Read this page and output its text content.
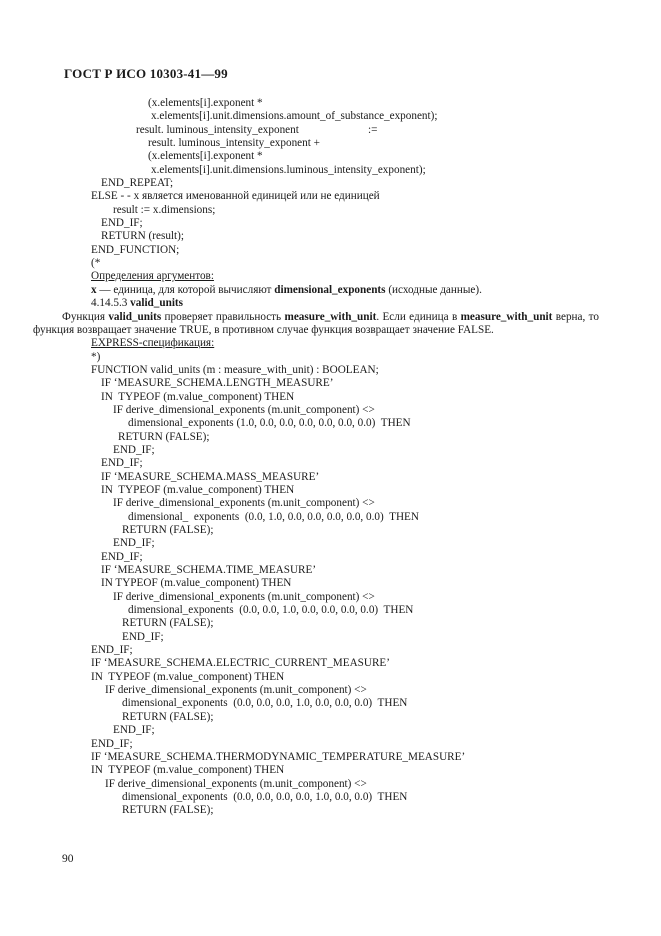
ГОСТ Р ИСО 10303-41—99
(x.elements[i].exponent *
x.elements[i].unit.dimensions.amount_of_substance_exponent);
result. luminous_intensity_exponent	:=
result. luminous_intensity_exponent +
(x.elements[i].exponent *
x.elements[i].unit.dimensions.luminous_intensity_exponent);
END_REPEAT;
ELSE - - x является именованной единицей или не единицей
result := x.dimensions;
END_IF;
RETURN (result);
END_FUNCTION;
(*
Определения аргументов:
x — единица, для которой вычисляют dimensional_exponents (исходные данные).
4.14.5.3 valid_units
Функция valid_units проверяет правильность measure_with_unit. Если единица в measure_with_unit верна, то функция возвращает значение TRUE, в противном случае функция возвращает значение FALSE.
EXPRESS-спецификация:
*)
FUNCTION valid_units (m : measure_with_unit) : BOOLEAN;
IF ‘MEASURE_SCHEMA.LENGTH_MEASURE’
IN  TYPEOF (m.value_component) THEN
IF derive_dimensional_exponents (m.unit_component) <>
dimensional_exponents (1.0, 0.0, 0.0, 0.0, 0.0, 0.0, 0.0)  THEN
RETURN (FALSE);
END_IF;
END_IF;
IF ‘MEASURE_SCHEMA.MASS_MEASURE’
IN  TYPEOF (m.value_component) THEN
IF derive_dimensional_exponents (m.unit_component) <>
dimensional_  exponents  (0.0, 1.0, 0.0, 0.0, 0.0, 0.0, 0.0)  THEN
RETURN (FALSE);
END_IF;
END_IF;
IF ‘MEASURE_SCHEMA.TIME_MEASURE’
IN TYPEOF (m.value_component) THEN
IF derive_dimensional_exponents (m.unit_component) <>
dimensional_exponents  (0.0, 0.0, 1.0, 0.0, 0.0, 0.0, 0.0)  THEN
RETURN (FALSE);
END_IF;
END_IF;
IF ‘MEASURE_SCHEMA.ELECTRIC_CURRENT_MEASURE’
IN  TYPEOF (m.value_component) THEN
IF derive_dimensional_exponents (m.unit_component) <>
dimensional_exponents  (0.0, 0.0, 0.0, 1.0, 0.0, 0.0, 0.0)  THEN
RETURN (FALSE);
END_IF;
END_IF;
IF ‘MEASURE_SCHEMA.THERMODYNAMIC_TEMPERATURE_MEASURE’
IN  TYPEOF (m.value_component) THEN
IF derive_dimensional_exponents (m.unit_component) <>
dimensional_exponents  (0.0, 0.0, 0.0, 0.0, 1.0, 0.0, 0.0)  THEN
RETURN (FALSE);
90
